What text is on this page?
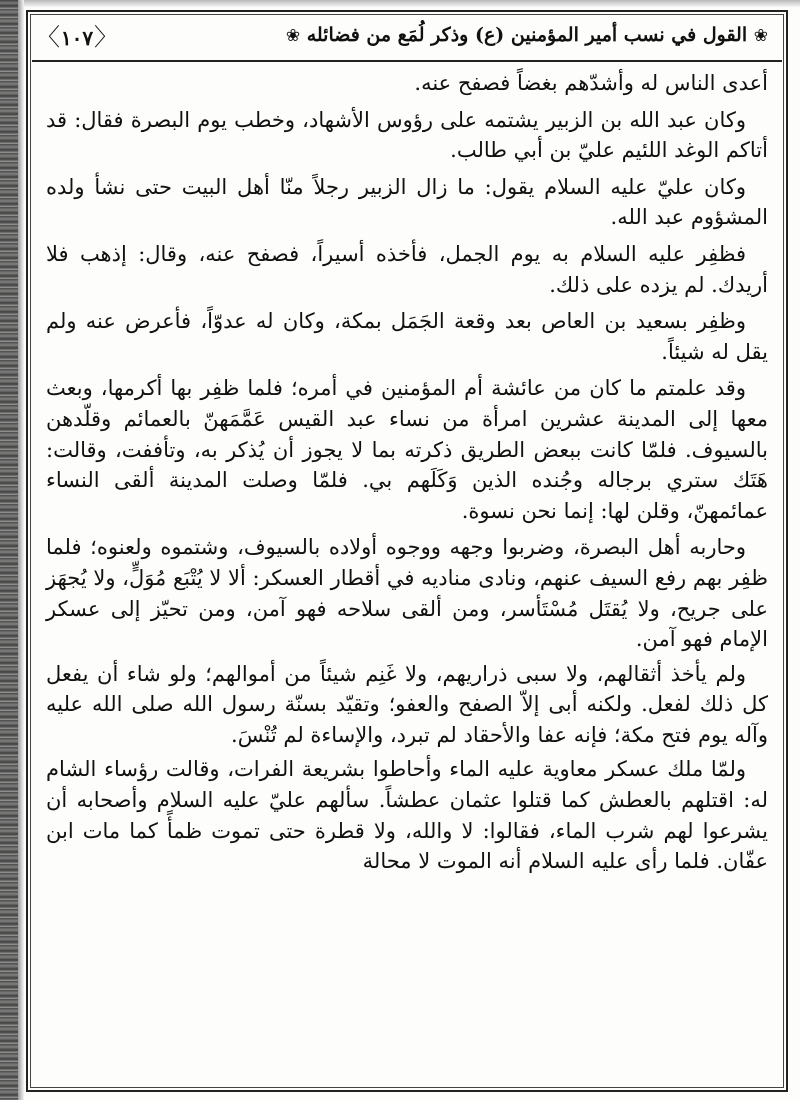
❀ القول في نسب أمير المؤمنين (ع) وذكر لُمَع من فضائله ❀
〈 ١٠٧ 〉

أعدى الناس له وأشدّهم بغضاً فصفح عنه.

وكان عبد الله بن الزبير يشتمه على رؤوس الأشهاد، وخطب يوم البصرة فقال: قد أتاكم الوغد اللئيم عليّ بن أبي طالب.

وكان عليّ عليه السلام يقول: ما زال الزبير رجلاً منّا أهل البيت حتى نشأ ولده المشؤوم عبد الله.

فظفِر عليه السلام به يوم الجمل، فأخذه أسيراً، فصفح عنه، وقال: إذهب فلا أريدك. لم يزده على ذلك.

وظفِر بسعيد بن العاص بعد وقعة الجَمَل بمكة، وكان له عدوّاً، فأعرض عنه ولم يقل له شيئاً.

وقد علمتم ما كان من عائشة أم المؤمنين في أمره؛ فلما ظفِر بها أكرمها، وبعث معها إلى المدينة عشرين امرأة من نساء عبد القيس عَمَّمَهنّ بالعمائم وقلّدهن بالسيوف. فلمّا كانت ببعض الطريق ذكرته بما لا يجوز أن يُذكر به، وتأففت، وقالت: هَتَك ستري برجاله وجُنده الذين وَكَلَهم بي. فلمّا وصلت المدينة ألقى النساء عمائمهنّ، وقلن لها: إنما نحن نسوة.

وحاربه أهل البصرة، وضربوا وجهه ووجوه أولاده بالسيوف، وشتموه ولعنوه؛ فلما ظفِر بهم رفع السيف عنهم، ونادى مناديه في أقطار العسكر: ألا لا يُتْبَع مُوَلٍّ، ولا يُجهَز على جريح، ولا يُقتَل مُسْتَأسر، ومن ألقى سلاحه فهو آمن، ومن تحيّز إلى عسكر الإمام فهو آمن.

ولم يأخذ أثقالهم، ولا سبى ذراريهم، ولا غَنِم شيئاً من أموالهم؛ ولو شاء أن يفعل كل ذلك لفعل. ولكنه أبى إلاّ الصفح والعفو؛ وتقيّد بسنّة رسول الله صلى الله عليه وآله يوم فتح مكة؛ فإنه عفا والأحقاد لم تبرد، والإساءة لم تُنْسَ.

ولمّا ملك عسكر معاوية عليه الماء وأحاطوا بشريعة الفرات، وقالت رؤساء الشام له: اقتلهم بالعطش كما قتلوا عثمان عطشاً. سألهم عليّ عليه السلام وأصحابه أن يشرعوا لهم شرب الماء، فقالوا: لا والله، ولا قطرة حتى تموت ظمأً كما مات ابن عفّان. فلما رأى عليه السلام أنه الموت لا محالة
